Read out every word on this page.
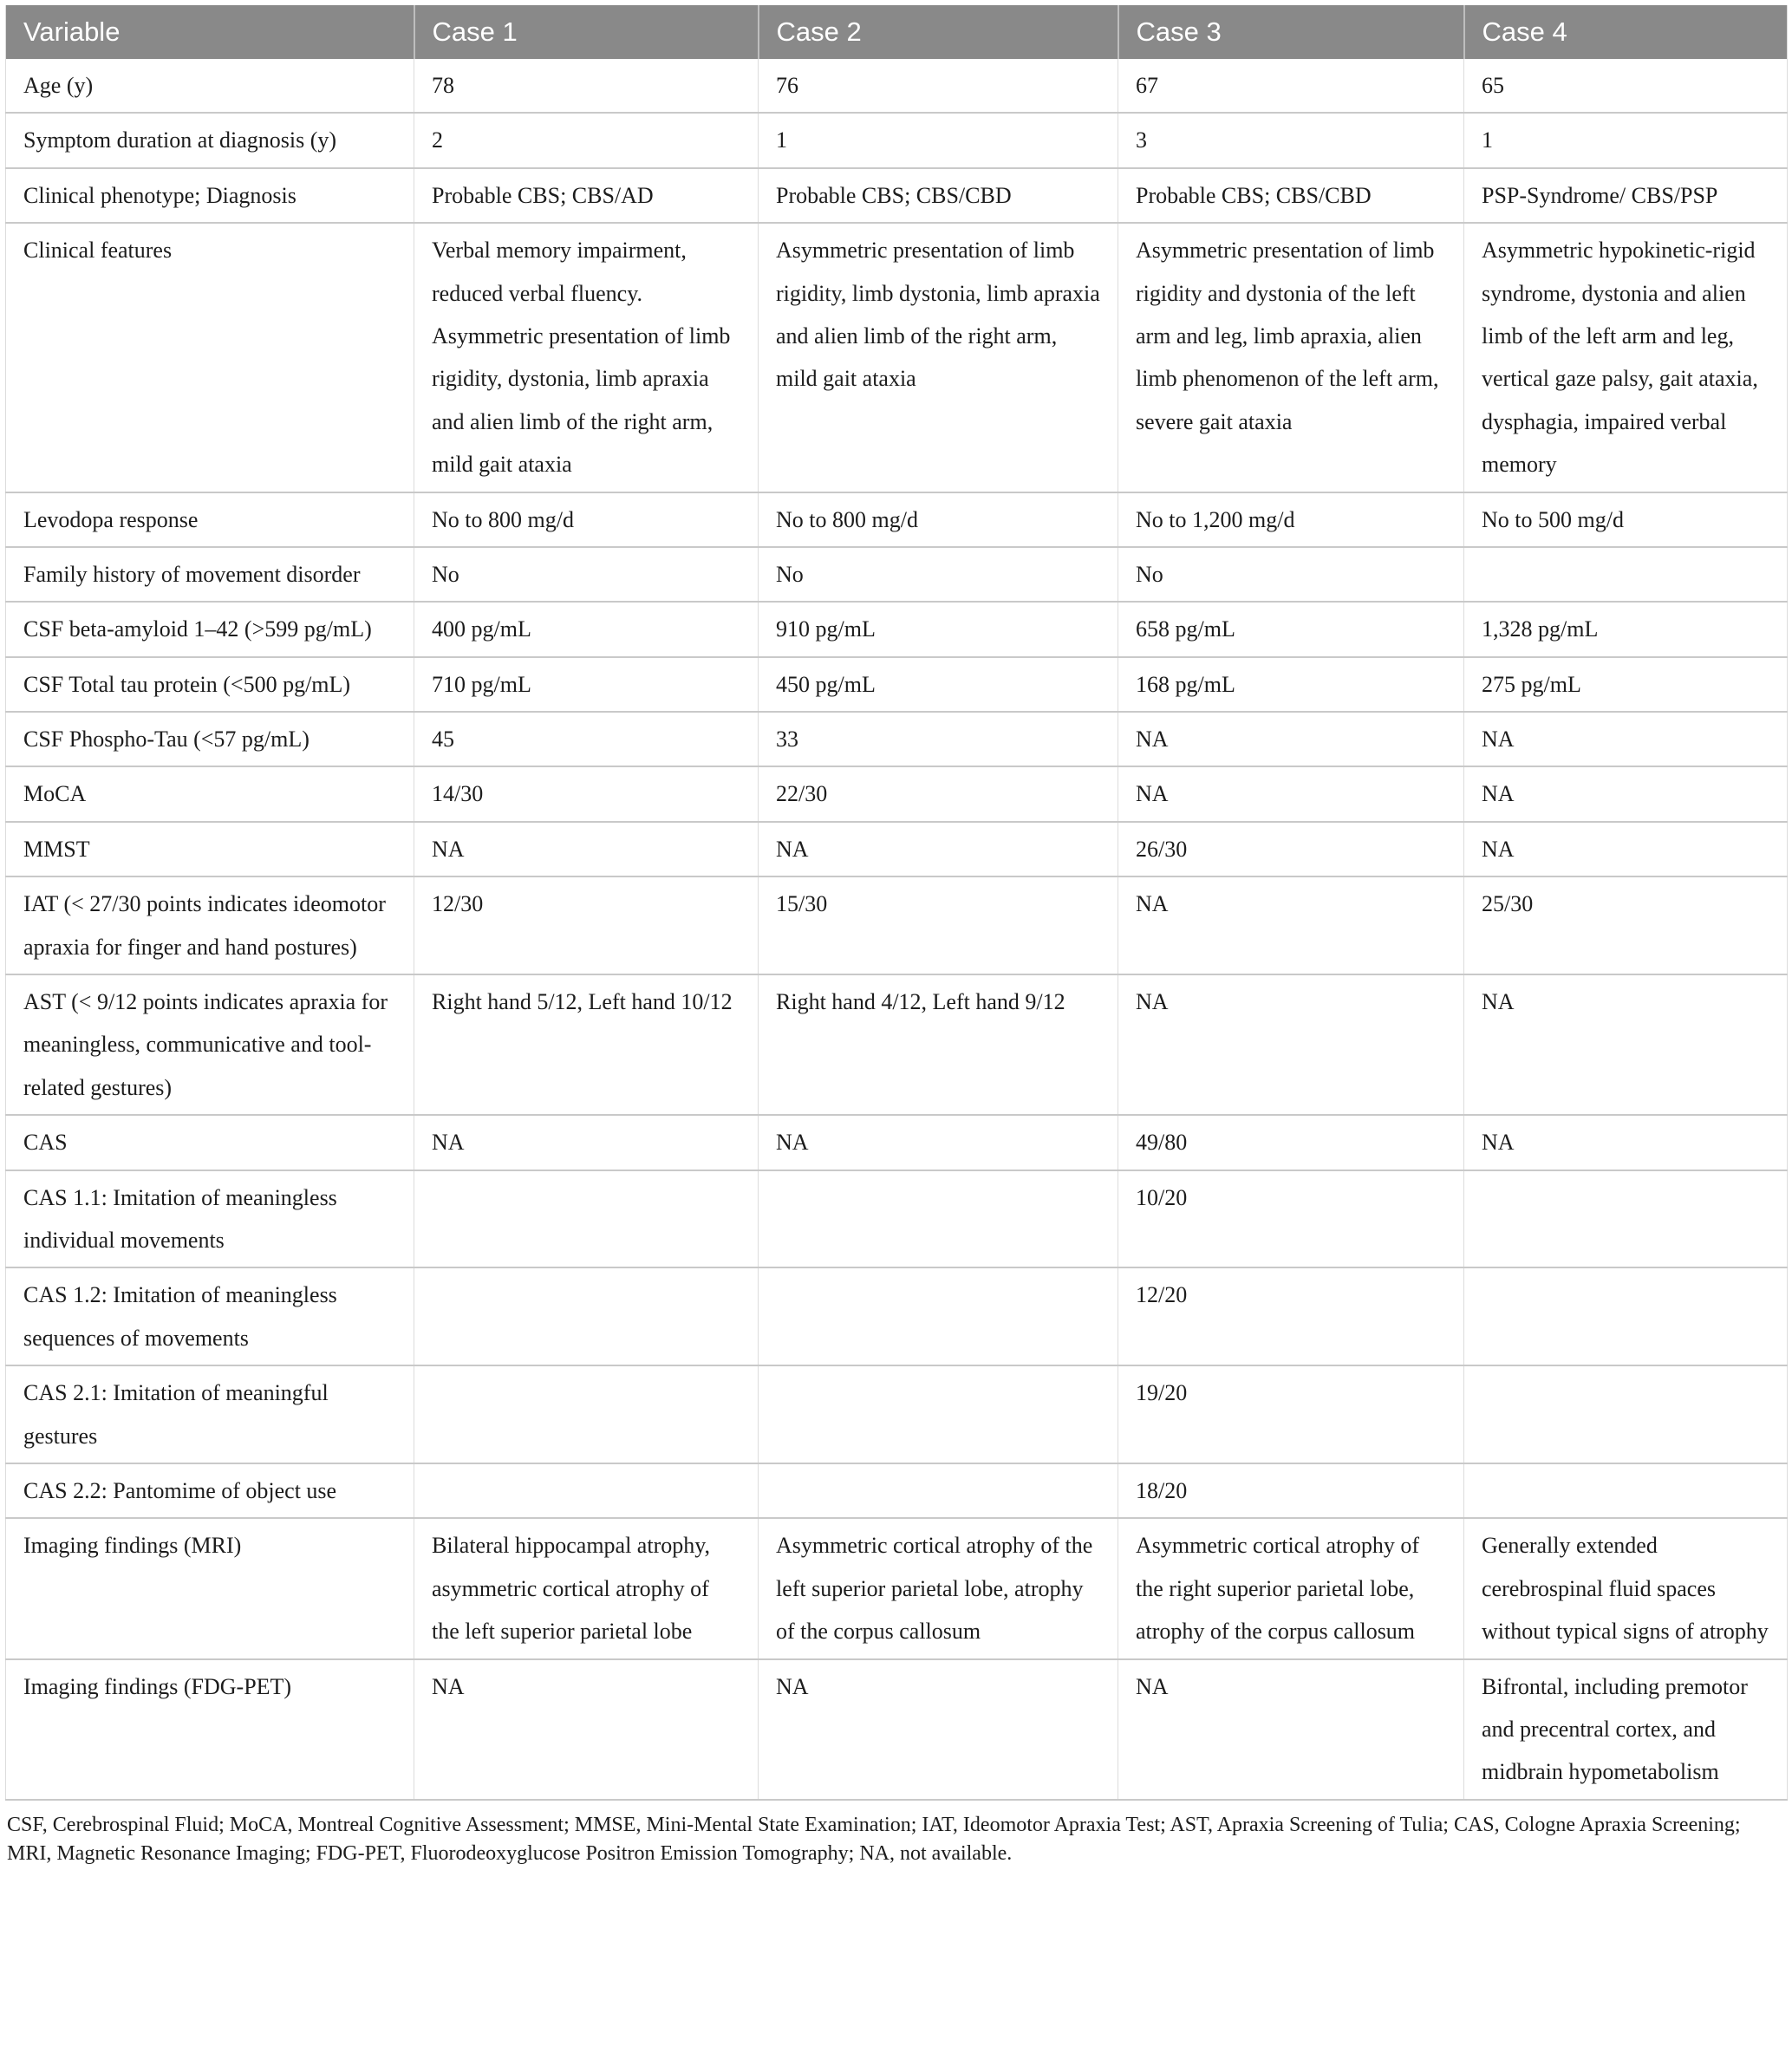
Variable	Case 1	Case 2	Case 3	Case 4
Age (y)	78	76	67	65
Symptom duration at diagnosis (y)	2	1	3	1
Clinical phenotype; Diagnosis	Probable CBS; CBS/AD	Probable CBS; CBS/CBD	Probable CBS; CBS/CBD	PSP-Syndrome/ CBS/PSP
Clinical features	Verbal memory impairment, reduced verbal fluency. Asymmetric presentation of limb rigidity, dystonia, limb apraxia and alien limb of the right arm, mild gait ataxia	Asymmetric presentation of limb rigidity, limb dystonia, limb apraxia and alien limb of the right arm, mild gait ataxia	Asymmetric presentation of limb rigidity and dystonia of the left arm and leg, limb apraxia, alien limb phenomenon of the left arm, severe gait ataxia	Asymmetric hypokinetic-rigid syndrome, dystonia and alien limb of the left arm and leg, vertical gaze palsy, gait ataxia, dysphagia, impaired verbal memory
Levodopa response	No to 800 mg/d	No to 800 mg/d	No to 1,200 mg/d	No to 500 mg/d
Family history of movement disorder	No	No	No	
CSF beta-amyloid 1–42 (>599 pg/mL)	400 pg/mL	910 pg/mL	658 pg/mL	1,328 pg/mL
CSF Total tau protein (<500 pg/mL)	710 pg/mL	450 pg/mL	168 pg/mL	275 pg/mL
CSF Phospho-Tau (<57 pg/mL)	45	33	NA	NA
MoCA	14/30	22/30	NA	NA
MMST	NA	NA	26/30	NA
IAT (< 27/30 points indicates ideomotor apraxia for finger and hand postures)	12/30	15/30	NA	25/30
AST (< 9/12 points indicates apraxia for meaningless, communicative and tool-related gestures)	Right hand 5/12, Left hand 10/12	Right hand 4/12, Left hand 9/12	NA	NA
CAS	NA	NA	49/80	NA
CAS 1.1: Imitation of meaningless individual movements			10/20	
CAS 1.2: Imitation of meaningless sequences of movements			12/20	
CAS 2.1: Imitation of meaningful gestures			19/20	
CAS 2.2: Pantomime of object use			18/20	
Imaging findings (MRI)	Bilateral hippocampal atrophy, asymmetric cortical atrophy of the left superior parietal lobe	Asymmetric cortical atrophy of the left superior parietal lobe, atrophy of the corpus callosum	Asymmetric cortical atrophy of the right superior parietal lobe, atrophy of the corpus callosum	Generally extended cerebrospinal fluid spaces without typical signs of atrophy
Imaging findings (FDG-PET)	NA	NA	NA	Bifrontal, including premotor and precentral cortex, and midbrain hypometabolism

CSF, Cerebrospinal Fluid; MoCA, Montreal Cognitive Assessment; MMSE, Mini-Mental State Examination; IAT, Ideomotor Apraxia Test; AST, Apraxia Screening of Tulia; CAS, Cologne Apraxia Screening; MRI, Magnetic Resonance Imaging; FDG-PET, Fluorodeoxyglucose Positron Emission Tomography; NA, not available.
